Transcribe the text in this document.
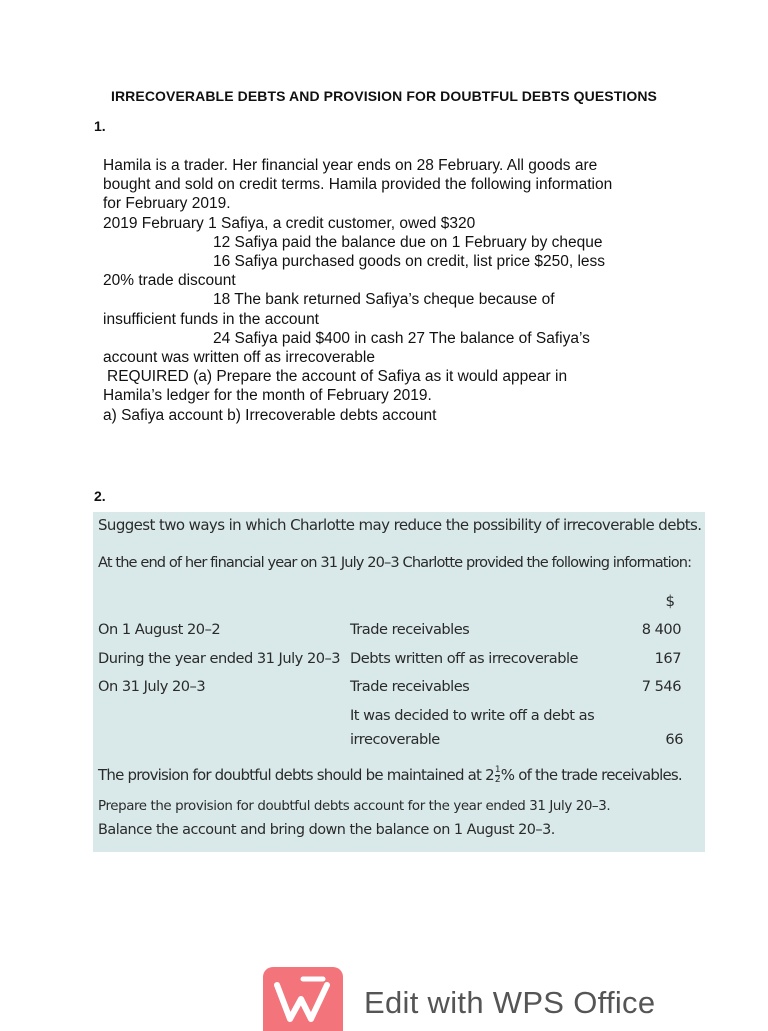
IRRECOVERABLE DEBTS AND PROVISION FOR DOUBTFUL DEBTS QUESTIONS
1.

Hamila is a trader. Her financial year ends on 28 February. All goods are

bought and sold on credit terms. Hamila provided the following information

for February 2019.

2019 February 1 Safiya, a credit customer, owed $320

12 Safiya paid the balance due on 1 February by cheque

16 Safiya purchased goods on credit, list price $250, less

20% trade discount

18 The bank returned Safiya’s cheque because of

insufficient funds in the account

24 Safiya paid $400 in cash 27 The balance of Safiya’s

account was written off as irrecoverable

REQUIRED (a) Prepare the account of Safiya as it would appear in

Hamila’s ledger for the month of February 2019.

a) Safiya account b) Irrecoverable debts account

2.
Suggest two ways in which Charlotte may reduce the possibility of irrecoverable debts.
At the end of her financial year on 31 July 20–3 Charlotte provided the following information:
$
On 1 August 20–2	Trade receivables	8 400
During the year ended 31 July 20–3 Debts written off as irrecoverable	167
On 31 July 20–3	Trade receivables	7 546
It was decided to write off a debt as
irrecoverable	66
The provision for doubtful debts should be maintained at $2 \frac{1}{2}$ % of the trade receivables.
Prepare the provision for doubtful debts account for the year ended 31 July 20–3.
Balance the account and bring down the balance on 1 August 20–3.
Edit with WPS Office
